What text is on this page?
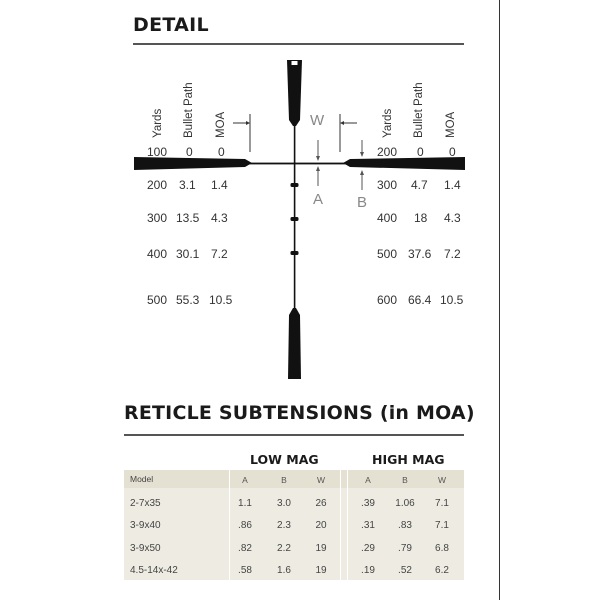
DETAIL
W
A B
Yards Bullet Path MOA	Yards Bullet Path MOA
100 0 0
200 3.1 1.4
300 13.5 4.3
400 30.1 7.2
500 55.3 10.5
200 0 0
300 4.7 1.4
400 18 4.3
500 37.6 7.2
600 66.4 10.5
RETICLE SUBTENSIONS (in MOA)
LOW MAG	HIGH MAG
Model	A	B	W	A	B	W
2-7x35	1.1	3.0 26	.39 1.06 7.1
3-9x40	.86	2.3 20	.31 .83 7.1
3-9x50	.82	2.2 19	.29 .79 6.8
4.5-14x-42	.58	1.6 19	.19 .52 6.2
